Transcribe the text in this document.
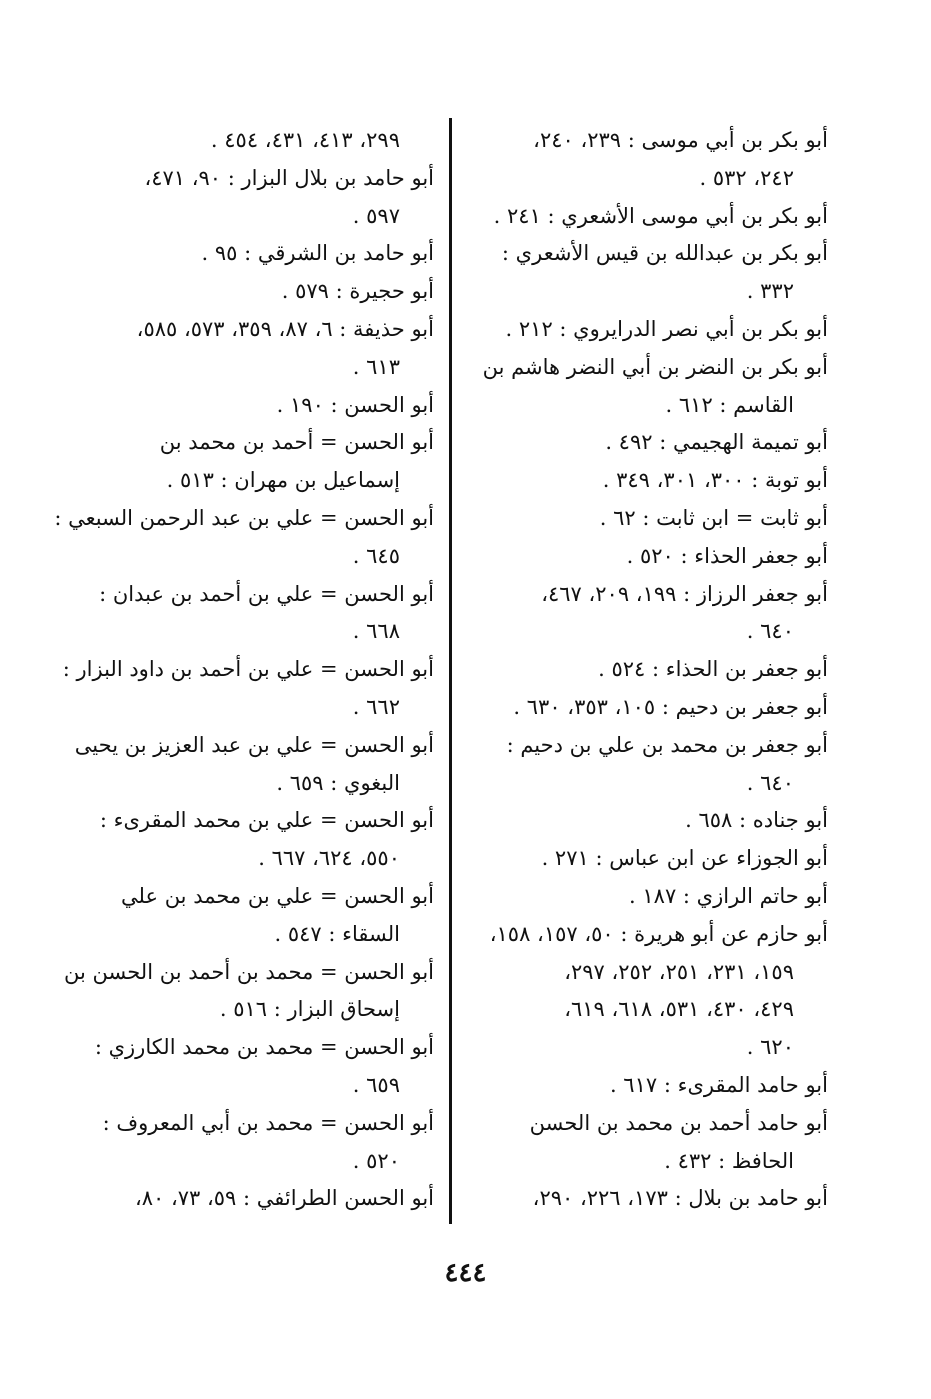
أبو بكر بن أبي موسى : ٢٣٩، ٢٤٠،
٢٤٢، ٥٣٢ .
أبو بكر بن أبي موسى الأشعري : ٢٤١ .
أبو بكر بن عبدالله بن قيس الأشعري :
٣٣٢ .
أبو بكر بن أبي نصر الدرايروي : ٢١٢ .
أبو بكر بن النضر بن أبي النضر هاشم بن
القاسم : ٦١٢ .
أبو تميمة الهجيمي : ٤٩٢ .
أبو توبة : ٣٠٠، ٣٠١، ٣٤٩ .
أبو ثابت = ابن ثابت : ٦٢ .
أبو جعفر الحذاء : ٥٢٠ .
أبو جعفر الرزاز : ١٩٩، ٢٠٩، ٤٦٧،
٦٤٠ .
أبو جعفر بن الحذاء : ٥٢٤ .
أبو جعفر بن دحيم : ١٠٥، ٣٥٣، ٦٣٠ .
أبو جعفر بن محمد بن علي بن دحيم :
٦٤٠ .
أبو جناده : ٦٥٨ .
أبو الجوزاء عن ابن عباس : ٢٧١ .
أبو حاتم الرازي : ١٨٧ .
أبو حازم عن أبو هريرة : ٥٠، ١٥٧، ١٥٨،
١٥٩، ٢٣١، ٢٥١، ٢٥٢، ٢٩٧،
٤٢٩، ٤٣٠، ٥٣١، ٦١٨، ٦١٩،
٦٢٠ .
أبو حامد المقرىء : ٦١٧ .
أبو حامد أحمد بن محمد بن الحسن
الحافظ : ٤٣٢ .
أبو حامد بن بلال : ١٧٣، ٢٢٦، ٢٩٠،
٢٩٩، ٤١٣، ٤٣١، ٤٥٤ .
أبو حامد بن بلال البزار : ٩٠، ٤٧١،
٥٩٧ .
أبو حامد بن الشرقي : ٩٥ .
أبو حجيرة : ٥٧٩ .
أبو حذيفة : ٦، ٨٧، ٣٥٩، ٥٧٣، ٥٨٥،
٦١٣ .
أبو الحسن : ١٩٠ .
أبو الحسن = أحمد بن محمد بن
إسماعيل بن مهران : ٥١٣ .
أبو الحسن = علي بن عبد الرحمن السبعي :
٦٤٥ .
أبو الحسن = علي بن أحمد بن عبدان :
٦٦٨ .
أبو الحسن = علي بن أحمد بن داود البزار :
٦٦٢ .
أبو الحسن = علي بن عبد العزيز بن يحيى
البغوي : ٦٥٩ .
أبو الحسن = علي بن محمد المقرىء :
٥٥٠، ٦٢٤، ٦٦٧ .
أبو الحسن = علي بن محمد بن علي
السقاء : ٥٤٧ .
أبو الحسن = محمد بن أحمد بن الحسن بن
إسحاق البزار : ٥١٦ .
أبو الحسن = محمد بن محمد الكارزي :
٦٥٩ .
أبو الحسن = محمد بن أبي المعروف :
٥٢٠ .
أبو الحسن الطرائفي : ٥٩، ٧٣، ٨٠،
٤٤٤
